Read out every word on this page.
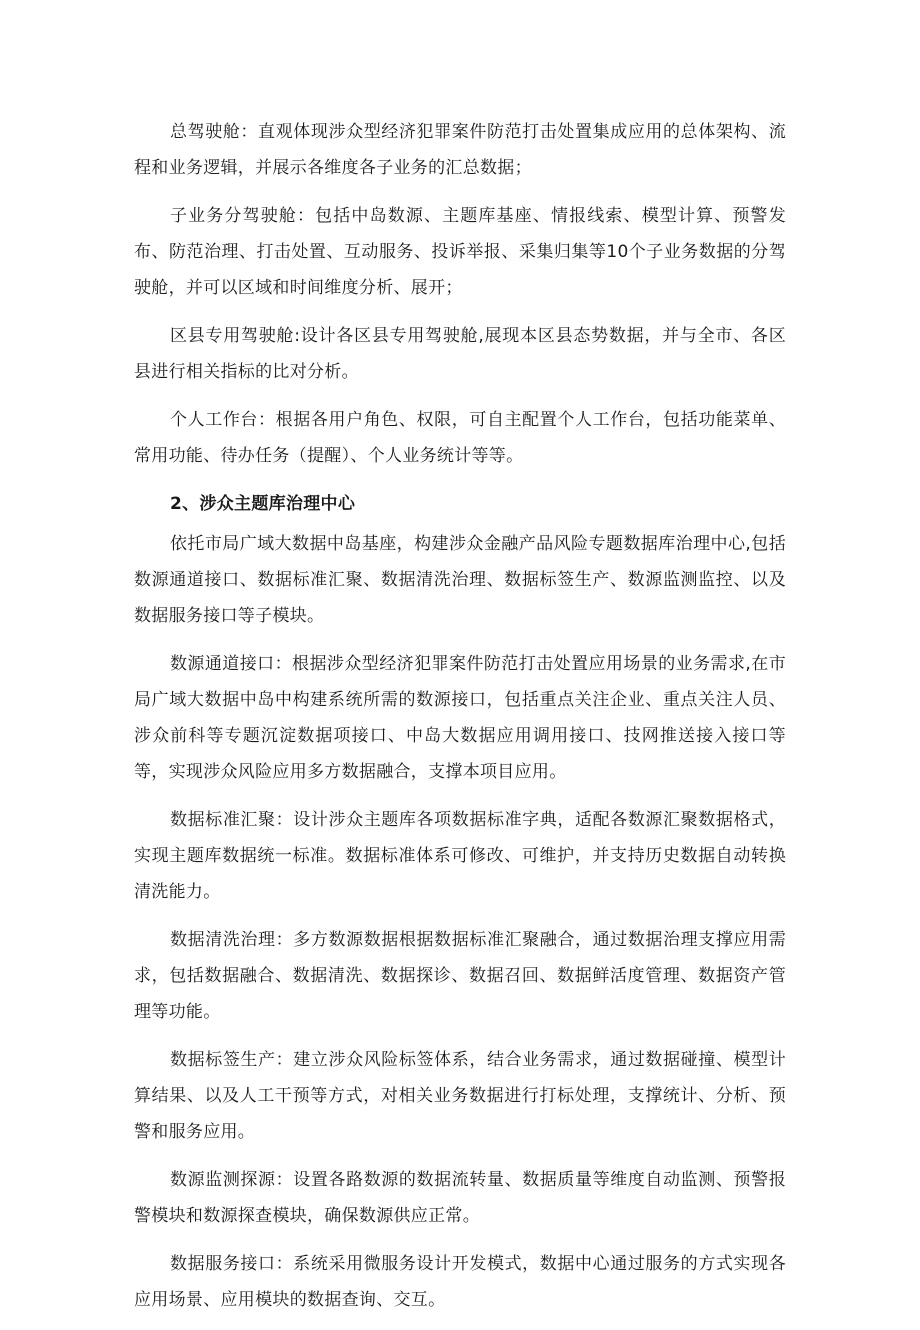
总驾驶舱：直观体现涉众型经济犯罪案件防范打击处置集成应用的总体架构、流程和业务逻辑，并展示各维度各子业务的汇总数据；

子业务分驾驶舱：包括中岛数源、主题库基座、情报线索、模型计算、预警发布、防范治理、打击处置、互动服务、投诉举报、采集归集等10个子业务数据的分驾驶舱，并可以区域和时间维度分析、展开；

区县专用驾驶舱:设计各区县专用驾驶舱,展现本区县态势数据，并与全市、各区县进行相关指标的比对分析。

个人工作台：根据各用户角色、权限，可自主配置个人工作台，包括功能菜单、常用功能、待办任务（提醒）、个人业务统计等等。

2、涉众主题库治理中心

依托市局广域大数据中岛基座，构建涉众金融产品风险专题数据库治理中心,包括数源通道接口、数据标准汇聚、数据清洗治理、数据标签生产、数源监测监控、以及数据服务接口等子模块。

数源通道接口：根据涉众型经济犯罪案件防范打击处置应用场景的业务需求,在市局广域大数据中岛中构建系统所需的数源接口，包括重点关注企业、重点关注人员、涉众前科等专题沉淀数据项接口、中岛大数据应用调用接口、技网推送接入接口等等，实现涉众风险应用多方数据融合，支撑本项目应用。

数据标准汇聚：设计涉众主题库各项数据标准字典，适配各数源汇聚数据格式，实现主题库数据统一标准。数据标准体系可修改、可维护，并支持历史数据自动转换清洗能力。

数据清洗治理：多方数源数据根据数据标准汇聚融合，通过数据治理支撑应用需求，包括数据融合、数据清洗、数据探诊、数据召回、数据鲜活度管理、数据资产管理等功能。

数据标签生产：建立涉众风险标签体系，结合业务需求，通过数据碰撞、模型计算结果、以及人工干预等方式，对相关业务数据进行打标处理，支撑统计、分析、预警和服务应用。

数源监测探源：设置各路数源的数据流转量、数据质量等维度自动监测、预警报警模块和数源探查模块，确保数源供应正常。

数据服务接口：系统采用微服务设计开发模式，数据中心通过服务的方式实现各应用场景、应用模块的数据查询、交互。
